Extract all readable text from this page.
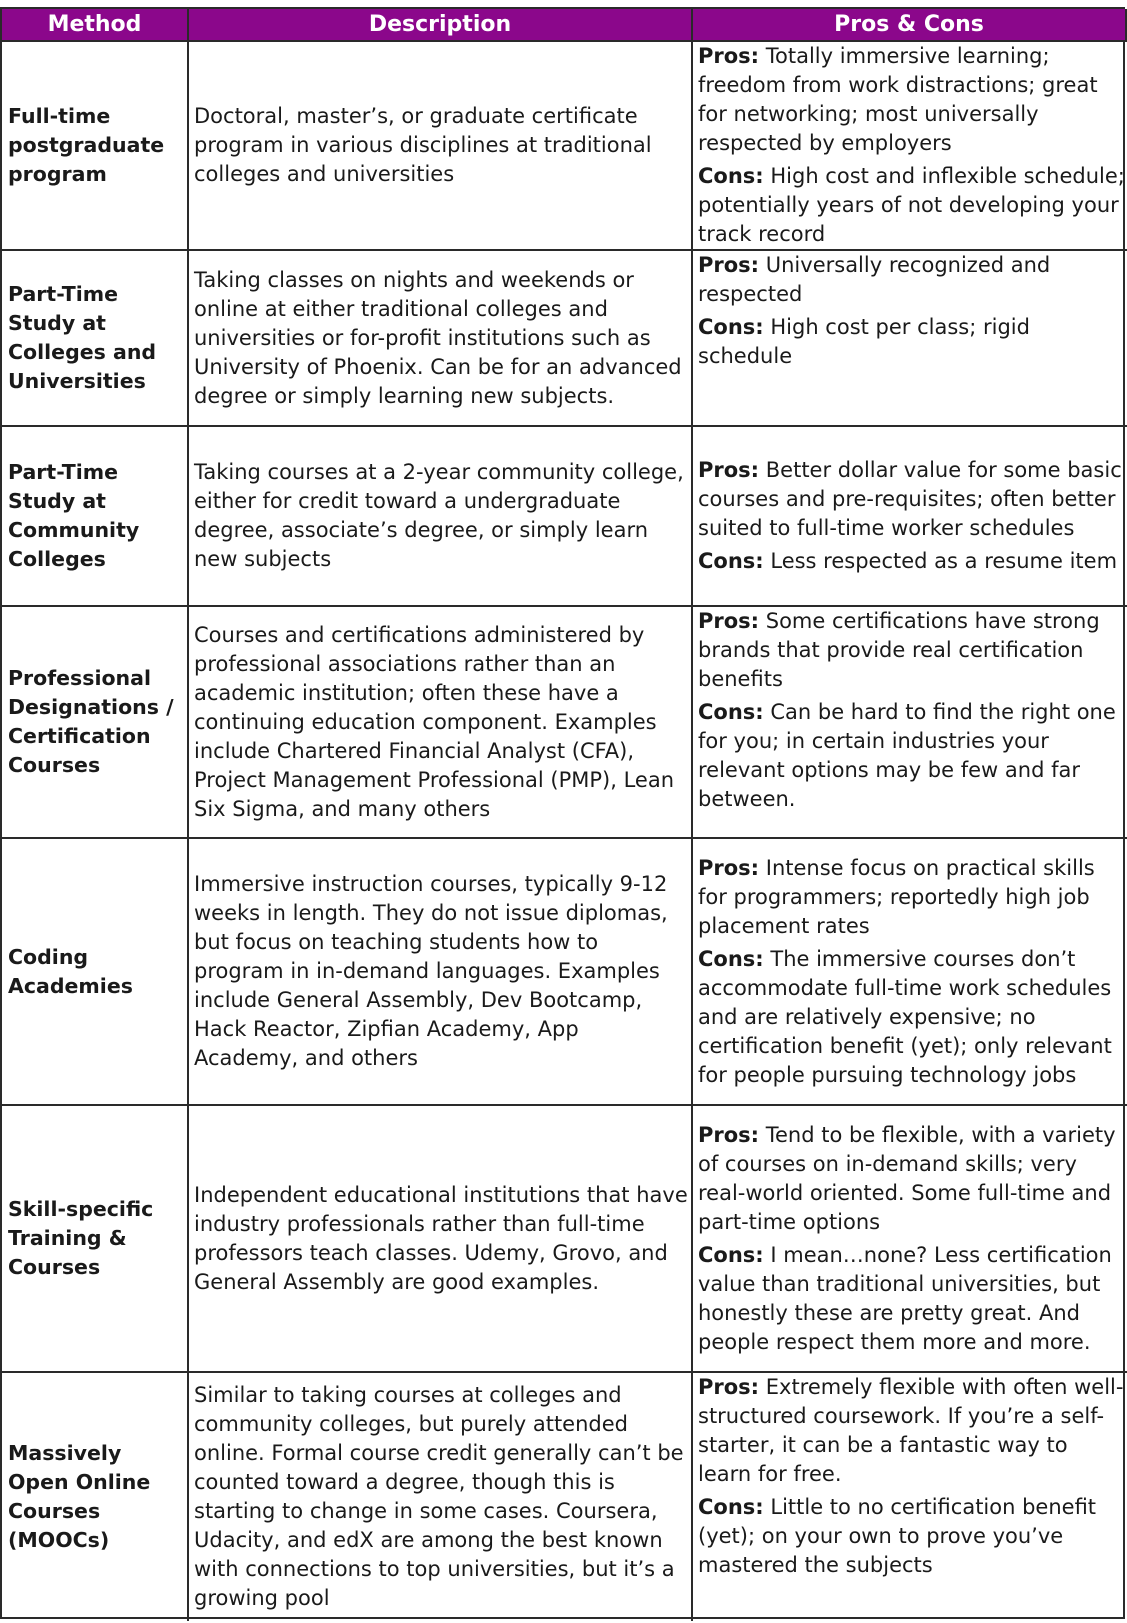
Method	Description	Pros & Cons
Full-time postgraduate program
Doctoral, master’s, or graduate certificate program in various disciplines at traditional colleges and universities

Pros: Totally immersive learning; freedom from work distractions; great for networking; most universally respected by employers

Cons: High cost and inflexible schedule; potentially years of not developing your track record

Part-Time Study at Colleges and Universities
Taking classes on nights and weekends or online at either traditional colleges and universities or for-profit institutions such as University of Phoenix. Can be for an advanced degree or simply learning new subjects.

Pros: Universally recognized and respected

Cons: High cost per class; rigid schedule

Part-Time Study at Community Colleges
Taking courses at a 2-year community college, either for credit toward a undergraduate degree, associate’s degree, or simply learn new subjects

Pros: Better dollar value for some basic courses and pre-requisites; often better suited to full-time worker schedules

Cons: Less respected as a resume item

Professional Designations / Certification Courses
Courses and certifications administered by professional associations rather than an academic institution; often these have a continuing education component. Examples include Chartered Financial Analyst (CFA), Project Management Professional (PMP), Lean Six Sigma, and many others

Pros: Some certifications have strong brands that provide real certification benefits

Cons: Can be hard to find the right one for you; in certain industries your relevant options may be few and far between.

Coding Academies
Immersive instruction courses, typically 9-12 weeks in length. They do not issue diplomas, but focus on teaching students how to program in in-demand languages. Examples include General Assembly, Dev Bootcamp, Hack Reactor, Zipfian Academy, App Academy, and others

Pros: Intense focus on practical skills for programmers; reportedly high job placement rates

Cons: The immersive courses don’t accommodate full-time work schedules and are relatively expensive; no certification benefit (yet); only relevant for people pursuing technology jobs

Skill-specific Training & Courses
Independent educational institutions that have industry professionals rather than full-time professors teach classes. Udemy, Grovo, and General Assembly are good examples.

Pros: Tend to be flexible, with a variety of courses on in-demand skills; very real-world oriented. Some full-time and part-time options

Cons: I mean…none? Less certification value than traditional universities, but honestly these are pretty great. And people respect them more and more.

Massively Open Online Courses (MOOCs)
Similar to taking courses at colleges and community colleges, but purely attended online. Formal course credit generally can’t be counted toward a degree, though this is starting to change in some cases. Coursera, Udacity, and edX are among the best known with connections to top universities, but it’s a growing pool

Pros: Extremely flexible with often well-structured coursework. If you’re a self-starter, it can be a fantastic way to learn for free.

Cons: Little to no certification benefit (yet); on your own to prove you’ve mastered the subjects
